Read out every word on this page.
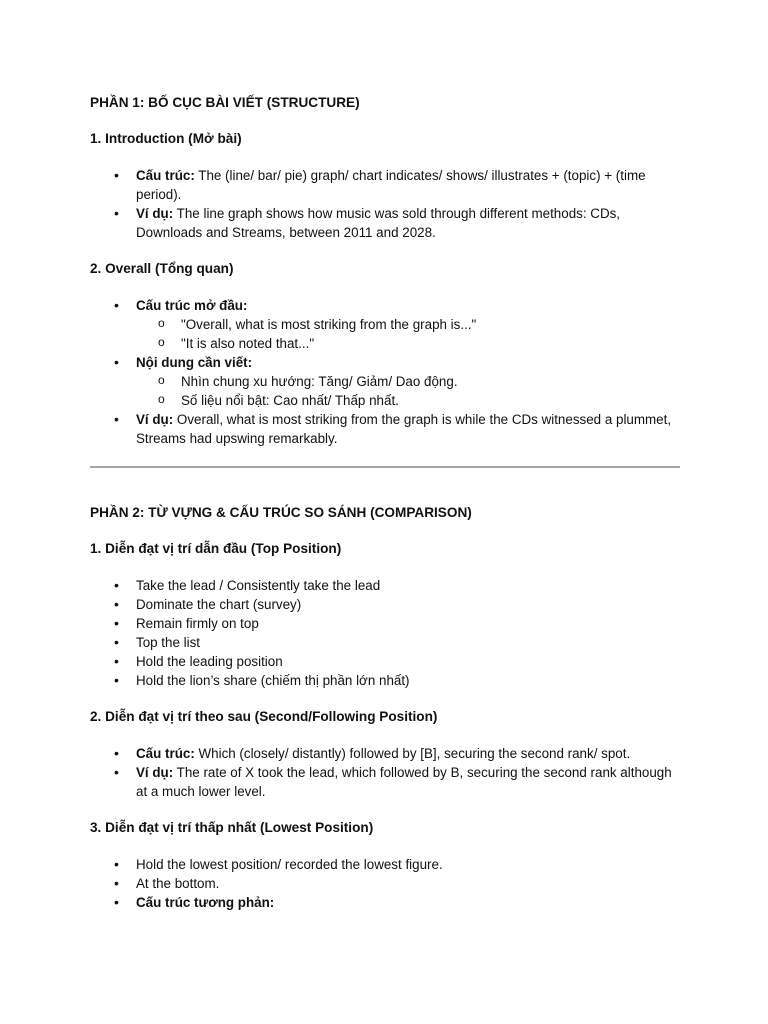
PHẦN 1: BỐ CỤC BÀI VIẾT (STRUCTURE)
1. Introduction (Mở bài)
• Cấu trúc: The (line/ bar/ pie) graph/ chart indicates/ shows/ illustrates + (topic) + (time period).
• Ví dụ: The line graph shows how music was sold through different methods: CDs, Downloads and Streams, between 2011 and 2028.
2. Overall (Tổng quan)
• Cấu trúc mở đầu:
o "Overall, what is most striking from the graph is..."
o "It is also noted that..."
• Nội dung cần viết:
o Nhìn chung xu hướng: Tăng/ Giảm/ Dao động.
o Số liệu nổi bật: Cao nhất/ Thấp nhất.
• Ví dụ: Overall, what is most striking from the graph is while the CDs witnessed a plummet, Streams had upswing remarkably.
PHẦN 2: TỪ VỰNG & CẤU TRÚC SO SÁNH (COMPARISON)
1. Diễn đạt vị trí dẫn đầu (Top Position)
• Take the lead / Consistently take the lead
• Dominate the chart (survey)
• Remain firmly on top
• Top the list
• Hold the leading position
• Hold the lion’s share (chiếm thị phần lớn nhất)
2. Diễn đạt vị trí theo sau (Second/Following Position)
• Cấu trúc: Which (closely/ distantly) followed by [B], securing the second rank/ spot.
• Ví dụ: The rate of X took the lead, which followed by B, securing the second rank although at a much lower level.
3. Diễn đạt vị trí thấp nhất (Lowest Position)
• Hold the lowest position/ recorded the lowest figure.
• At the bottom.
• Cấu trúc tương phản:
